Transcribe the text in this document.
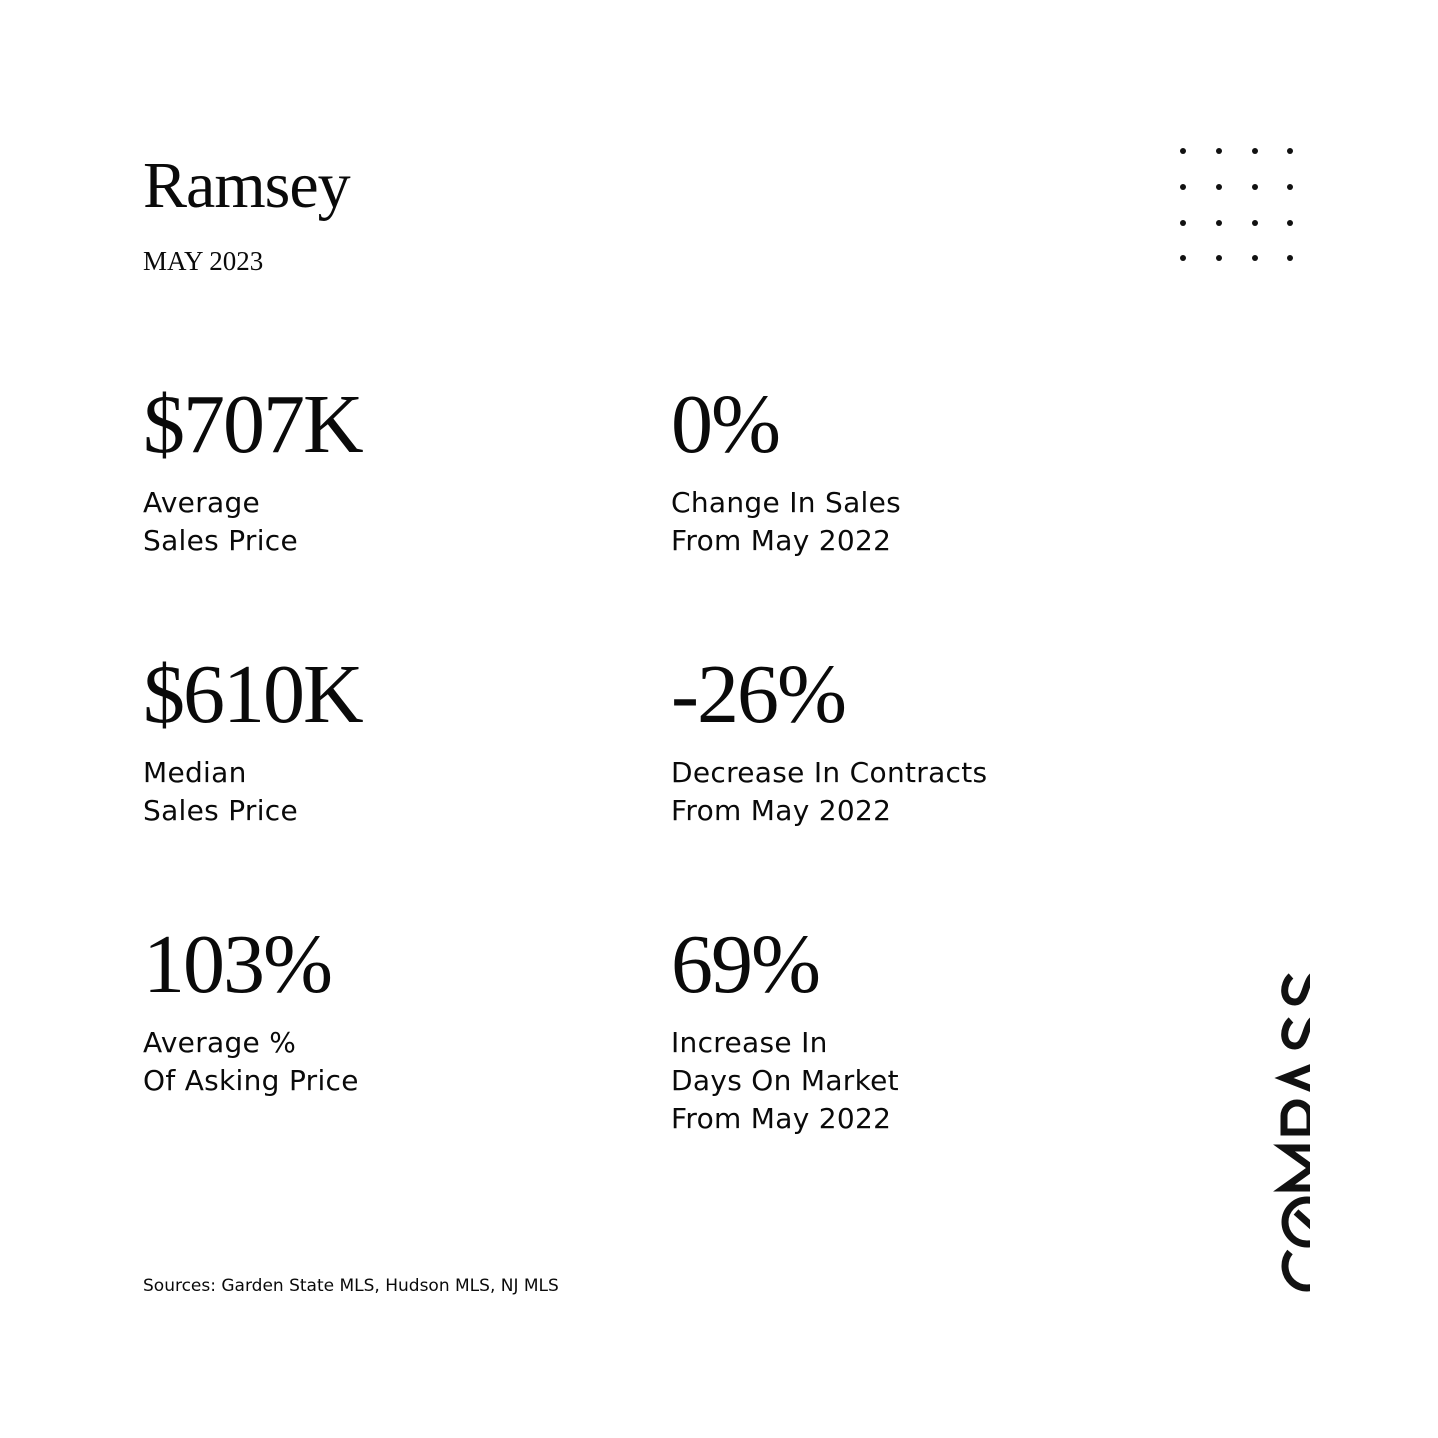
Ramsey
MAY 2023
$707K
Average
Sales Price
0%
Change In Sales
From May 2022
$610K
Median
Sales Price
-26%
Decrease In Contracts
From May 2022
103%
Average %
Of Asking Price
69%
Increase In
Days On Market
From May 2022
Sources: Garden State MLS, Hudson MLS, NJ MLS
